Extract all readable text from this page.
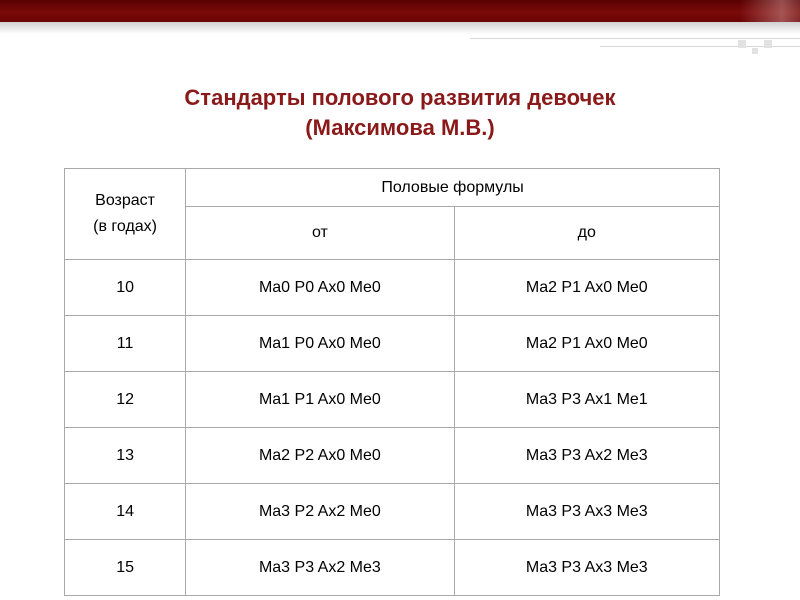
Стандарты полового развития девочек
(Максимова М.В.)
Возраст
(в годах)	Половые формулы	
	от	до
10	Ma0 P0 Ax0 Me0	Ma2 P1 Ax0 Me0
11	Ma1 P0 Ax0 Me0	Ma2 P1 Ax0 Me0
12	Ma1 P1 Ax0 Me0	Ma3 P3 Ax1 Me1
13	Ma2 P2 Ax0 Me0	Ma3 P3 Ax2 Me3
14	Ma3 P2 Ax2 Me0	Ma3 P3 Ax3 Me3
15	Ma3 P3 Ax2 Me3	Ma3 P3 Ax3 Me3
